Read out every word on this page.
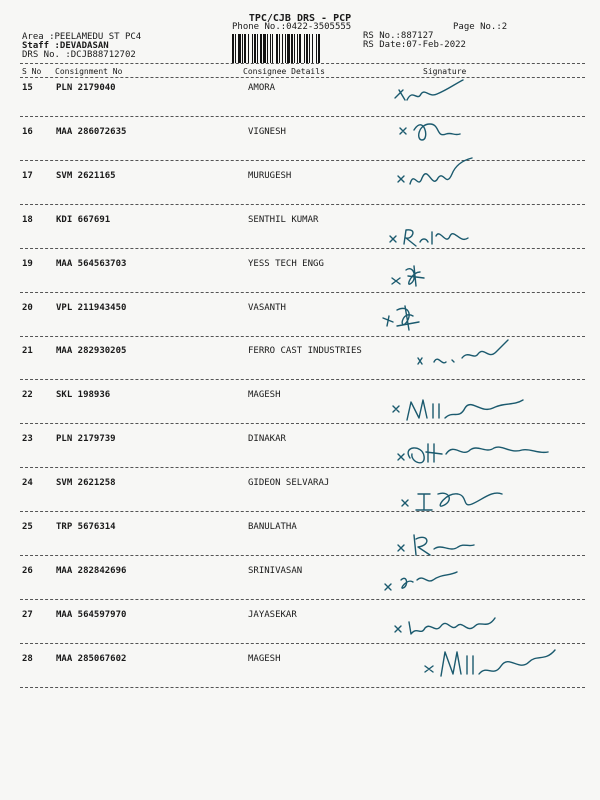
TPC/CJB DRS - PCP
Phone No.:0422-3505555	Page No.:2
Area :PEELAMEDU ST PC4
Staff :DEVADASAN
DRS No. :DCJB88712702
RS No.:887127
RS Date:07-Feb-2022
S No Consignment No	Consignee Details	Signature
15	PLN 2179040	AMORA
16	MAA 286072635	VIGNESH
17	SVM 2621165	MURUGESH
18	KDI 667691	SENTHIL KUMAR
19	MAA 564563703	YESS TECH ENGG
20	VPL 211943450	VASANTH
21	MAA 282930205	FERRO CAST INDUSTRIES
22	SKL 198936	MAGESH
23	PLN 2179739	DINAKAR
24	SVM 2621258	GIDEON SELVARAJ
25	TRP 5676314	BANULATHA
26	MAA 282842696	SRINIVASAN
27	MAA 564597970	JAYASEKAR
28	MAA 285067602	MAGESH
